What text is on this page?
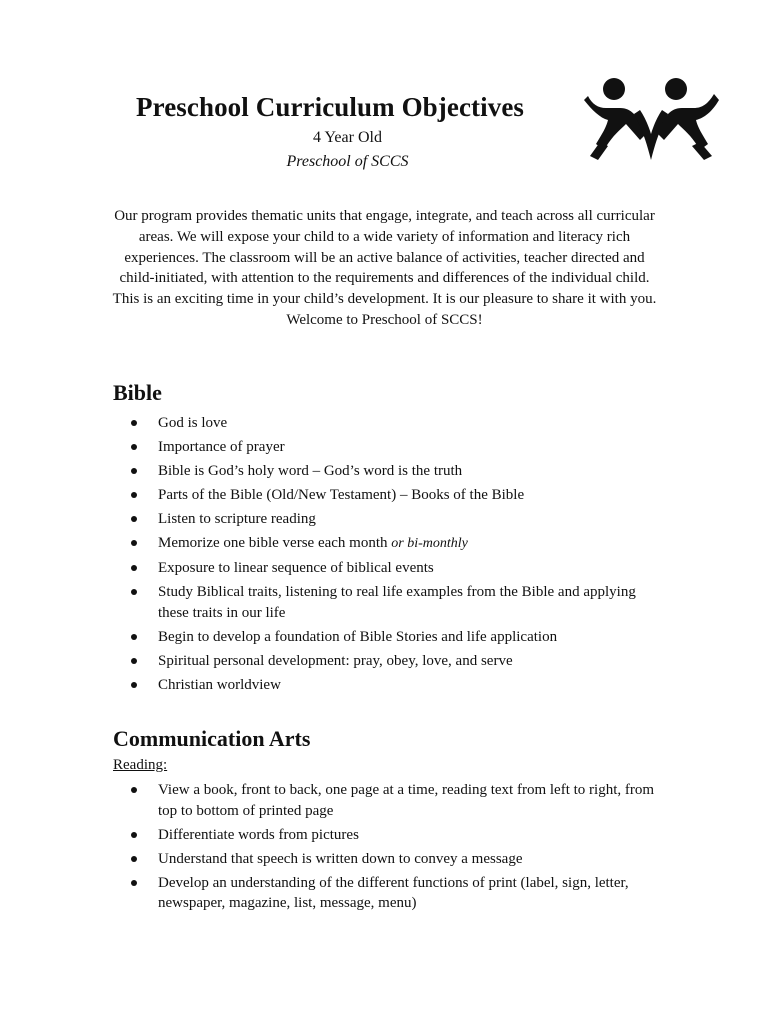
Preschool Curriculum Objectives
4 Year Old
Preschool of SCCS

Our program provides thematic units that engage, integrate, and teach across all curricular areas. We will expose your child to a wide variety of information and literacy rich experiences. The classroom will be an active balance of activities, teacher directed and child-initiated, with attention to the requirements and differences of the individual child. This is an exciting time in your child’s development. It is our pleasure to share it with you.

Welcome to Preschool of SCCS!

Bible
God is love
Importance of prayer
Bible is God’s holy word – God’s word is the truth
Parts of the Bible (Old/New Testament) – Books of the Bible
Listen to scripture reading
Memorize one bible verse each month or bi-monthly
Exposure to linear sequence of biblical events
Study Biblical traits, listening to real life examples from the Bible and applying these traits in our life
Begin to develop a foundation of Bible Stories and life application
Spiritual personal development: pray, obey, love, and serve
Christian worldview
Communication Arts
Reading:
View a book, front to back, one page at a time, reading text from left to right, from top to bottom of printed page
Differentiate words from pictures
Understand that speech is written down to convey a message
Develop an understanding of the different functions of print (label, sign, letter, newspaper, magazine, list, message, menu)
